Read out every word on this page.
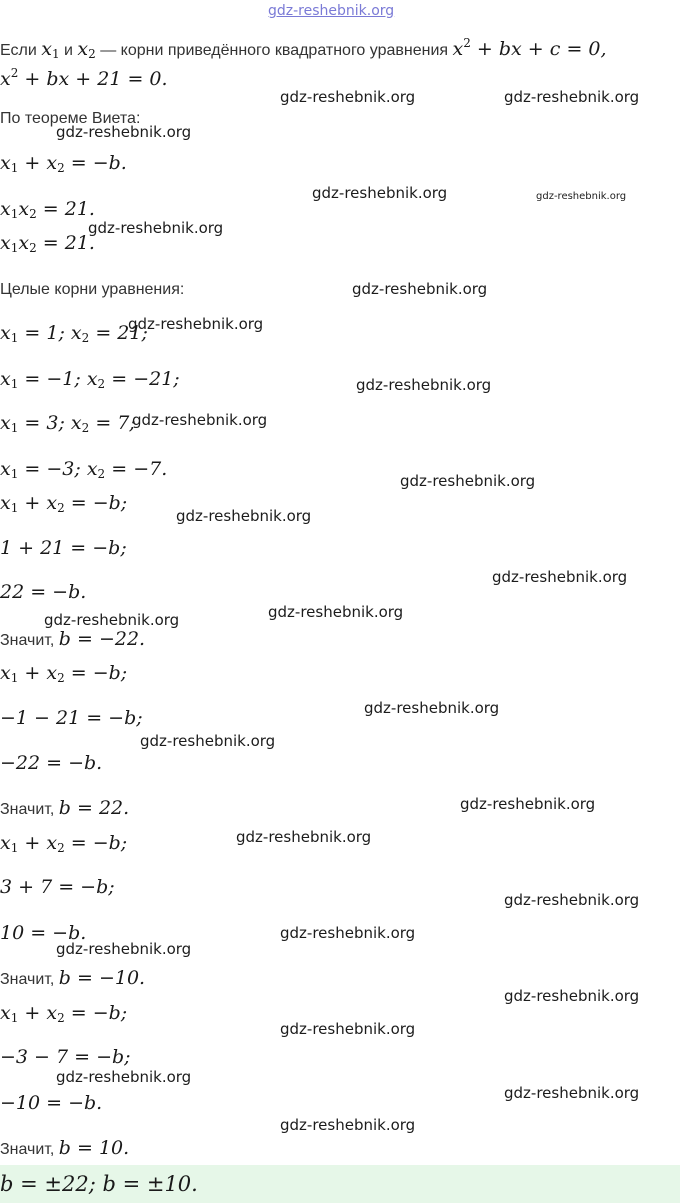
gdz-reshebnik.org
Если $x_1$ и $x_2$ — корни приведённого квадратного уравнения $x^2$ + bx + c = 0,
$x^2$ + bx + 21 = 0.
По теореме Виета:
$x_1 + x_2 = -b$.
$x_1x_2 = 21$.
$x_1x_2 = 21$.
Целые корни уравнения:
$x_1 = 1$; $x_2 = 21$;
$x_1 = -1$; $x_2 = -21$;
$x_1 = 3$; $x_2 = 7$;
$x_1 = -3$; $x_2 = -7$.
$x_1 + x_2 = -b$;
1 + 21 = −b;
22 = −b.
Значит, b = −22.
$x_1 + x_2 = -b$;
−1 − 21 = −b;
−22 = −b.
Значит, b = 22.
$x_1 + x_2 = -b$;
3 + 7 = −b;
10 = −b.
Значит, b = −10.
$x_1 + x_2 = -b$;
−3 − 7 = −b;
−10 = −b.
Значит, b = 10.
b = ±22; b = ±10.
gdz-reshebnik.org	gdz-reshebnik.org
gdz-reshebnik.org
gdz-reshebnik.org	gdz-reshebnik.org
gdz-reshebnik.org
gdz-reshebnik.org
gdz-reshebnik.org
gdz-reshebnik.org
gdz-reshebnik.org
gdz-reshebnik.org
gdz-reshebnik.org
gdz-reshebnik.org
gdz-reshebnik.org
gdz-reshebnik.org
gdz-reshebnik.org
gdz-reshebnik.org
gdz-reshebnik.org
gdz-reshebnik.org
gdz-reshebnik.org
gdz-reshebnik.org
gdz-reshebnik.org
gdz-reshebnik.org
gdz-reshebnik.org
gdz-reshebnik.org
gdz-reshebnik.org
gdz-reshebnik.org
